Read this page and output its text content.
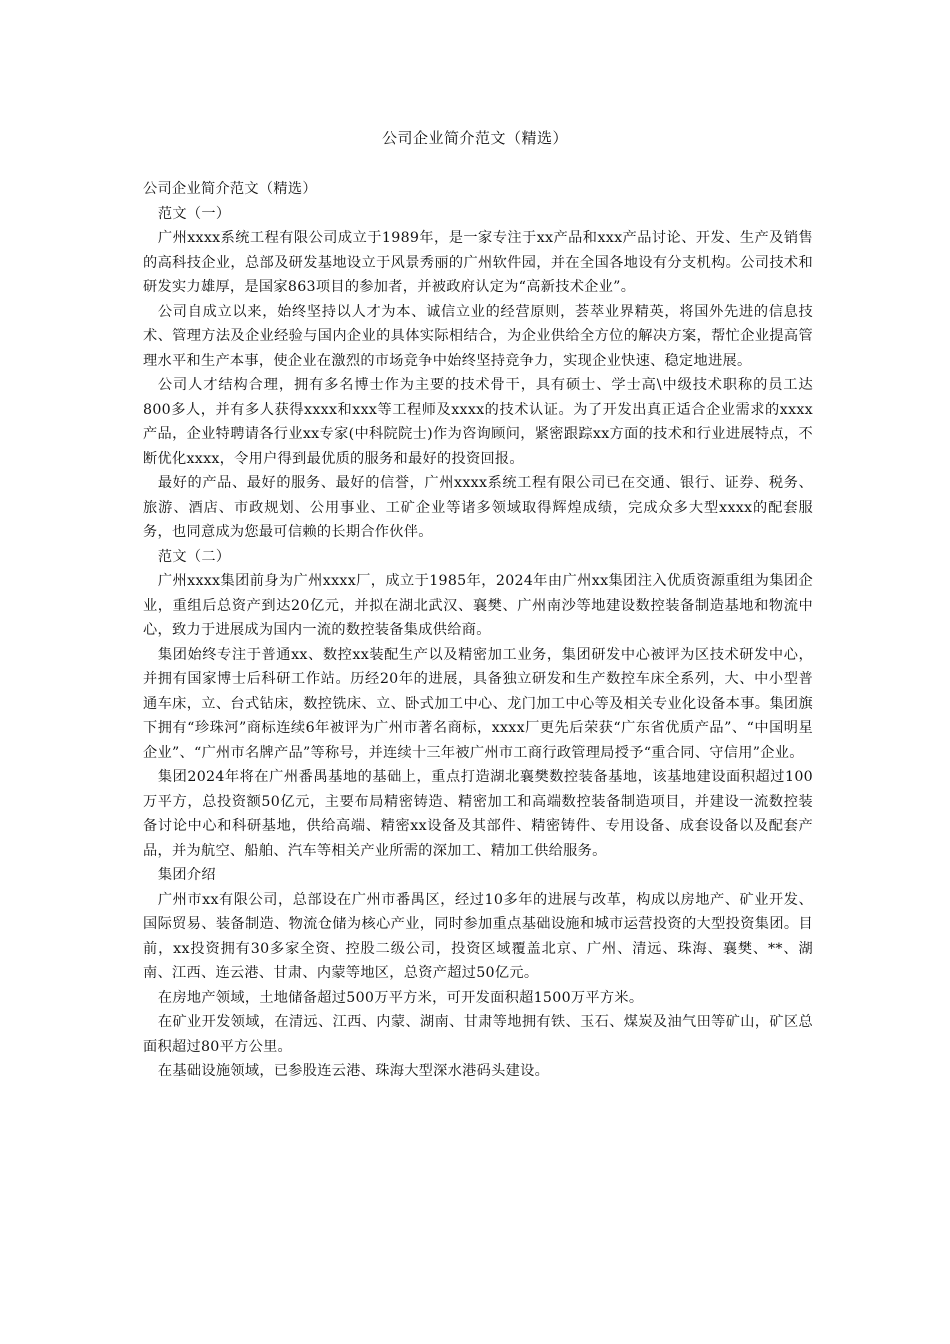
公司企业简介范文（精选）

公司企业简介范文（精选）

范文（一）

广州xxxx系统工程有限公司成立于1989年，是一家专注于xx产品和xxx产品讨论、开发、生产及销售的高科技企业，总部及研发基地设立于风景秀丽的广州软件园，并在全国各地设有分支机构。公司技术和研发实力雄厚，是国家863项目的参加者，并被政府认定为“高新技术企业”。

公司自成立以来，始终坚持以人才为本、诚信立业的经营原则，荟萃业界精英，将国外先进的信息技术、管理方法及企业经验与国内企业的具体实际相结合，为企业供给全方位的解决方案，帮忙企业提高管理水平和生产本事，使企业在激烈的市场竞争中始终坚持竞争力，实现企业快速、稳定地进展。

公司人才结构合理，拥有多名博士作为主要的技术骨干，具有硕士、学士高\中级技术职称的员工达800多人，并有多人获得xxxx和xxx等工程师及xxxx的技术认证。为了开发出真正适合企业需求的xxxx产品，企业特聘请各行业xx专家(中科院院士)作为咨询顾问，紧密跟踪xx方面的技术和行业进展特点，不断优化xxxx，令用户得到最优质的服务和最好的投资回报。

最好的产品、最好的服务、最好的信誉，广州xxxx系统工程有限公司已在交通、银行、证券、税务、旅游、酒店、市政规划、公用事业、工矿企业等诸多领域取得辉煌成绩，完成众多大型xxxx的配套服务，也同意成为您最可信赖的长期合作伙伴。

范文（二）

广州xxxx集团前身为广州xxxx厂，成立于1985年，2024年由广州xx集团注入优质资源重组为集团企业，重组后总资产到达20亿元，并拟在湖北武汉、襄樊、广州南沙等地建设数控装备制造基地和物流中心，致力于进展成为国内一流的数控装备集成供给商。

集团始终专注于普通xx、数控xx装配生产以及精密加工业务，集团研发中心被评为区技术研发中心，并拥有国家博士后科研工作站。历经20年的进展，具备独立研发和生产数控车床全系列，大、中小型普通车床，立、台式钻床，数控铣床、立、卧式加工中心、龙门加工中心等及相关专业化设备本事。集团旗下拥有“珍珠河”商标连续6年被评为广州市著名商标，xxxx厂更先后荣获“广东省优质产品”、“中国明星企业”、“广州市名牌产品”等称号，并连续十三年被广州市工商行政管理局授予“重合同、守信用”企业。

集团2024年将在广州番禺基地的基础上，重点打造湖北襄樊数控装备基地，该基地建设面积超过100万平方，总投资额50亿元，主要布局精密铸造、精密加工和高端数控装备制造项目，并建设一流数控装备讨论中心和科研基地，供给高端、精密xx设备及其部件、精密铸件、专用设备、成套设备以及配套产品，并为航空、船舶、汽车等相关产业所需的深加工、精加工供给服务。

集团介绍

广州市xx有限公司，总部设在广州市番禺区，经过10多年的进展与改革，构成以房地产、矿业开发、国际贸易、装备制造、物流仓储为核心产业，同时参加重点基础设施和城市运营投资的大型投资集团。目前，xx投资拥有30多家全资、控股二级公司，投资区域覆盖北京、广州、清远、珠海、襄樊、**、湖南、江西、连云港、甘肃、内蒙等地区，总资产超过50亿元。

在房地产领域，土地储备超过500万平方米，可开发面积超1500万平方米。

在矿业开发领域，在清远、江西、内蒙、湖南、甘肃等地拥有铁、玉石、煤炭及油气田等矿山，矿区总面积超过80平方公里。

在基础设施领域，已参股连云港、珠海大型深水港码头建设。
